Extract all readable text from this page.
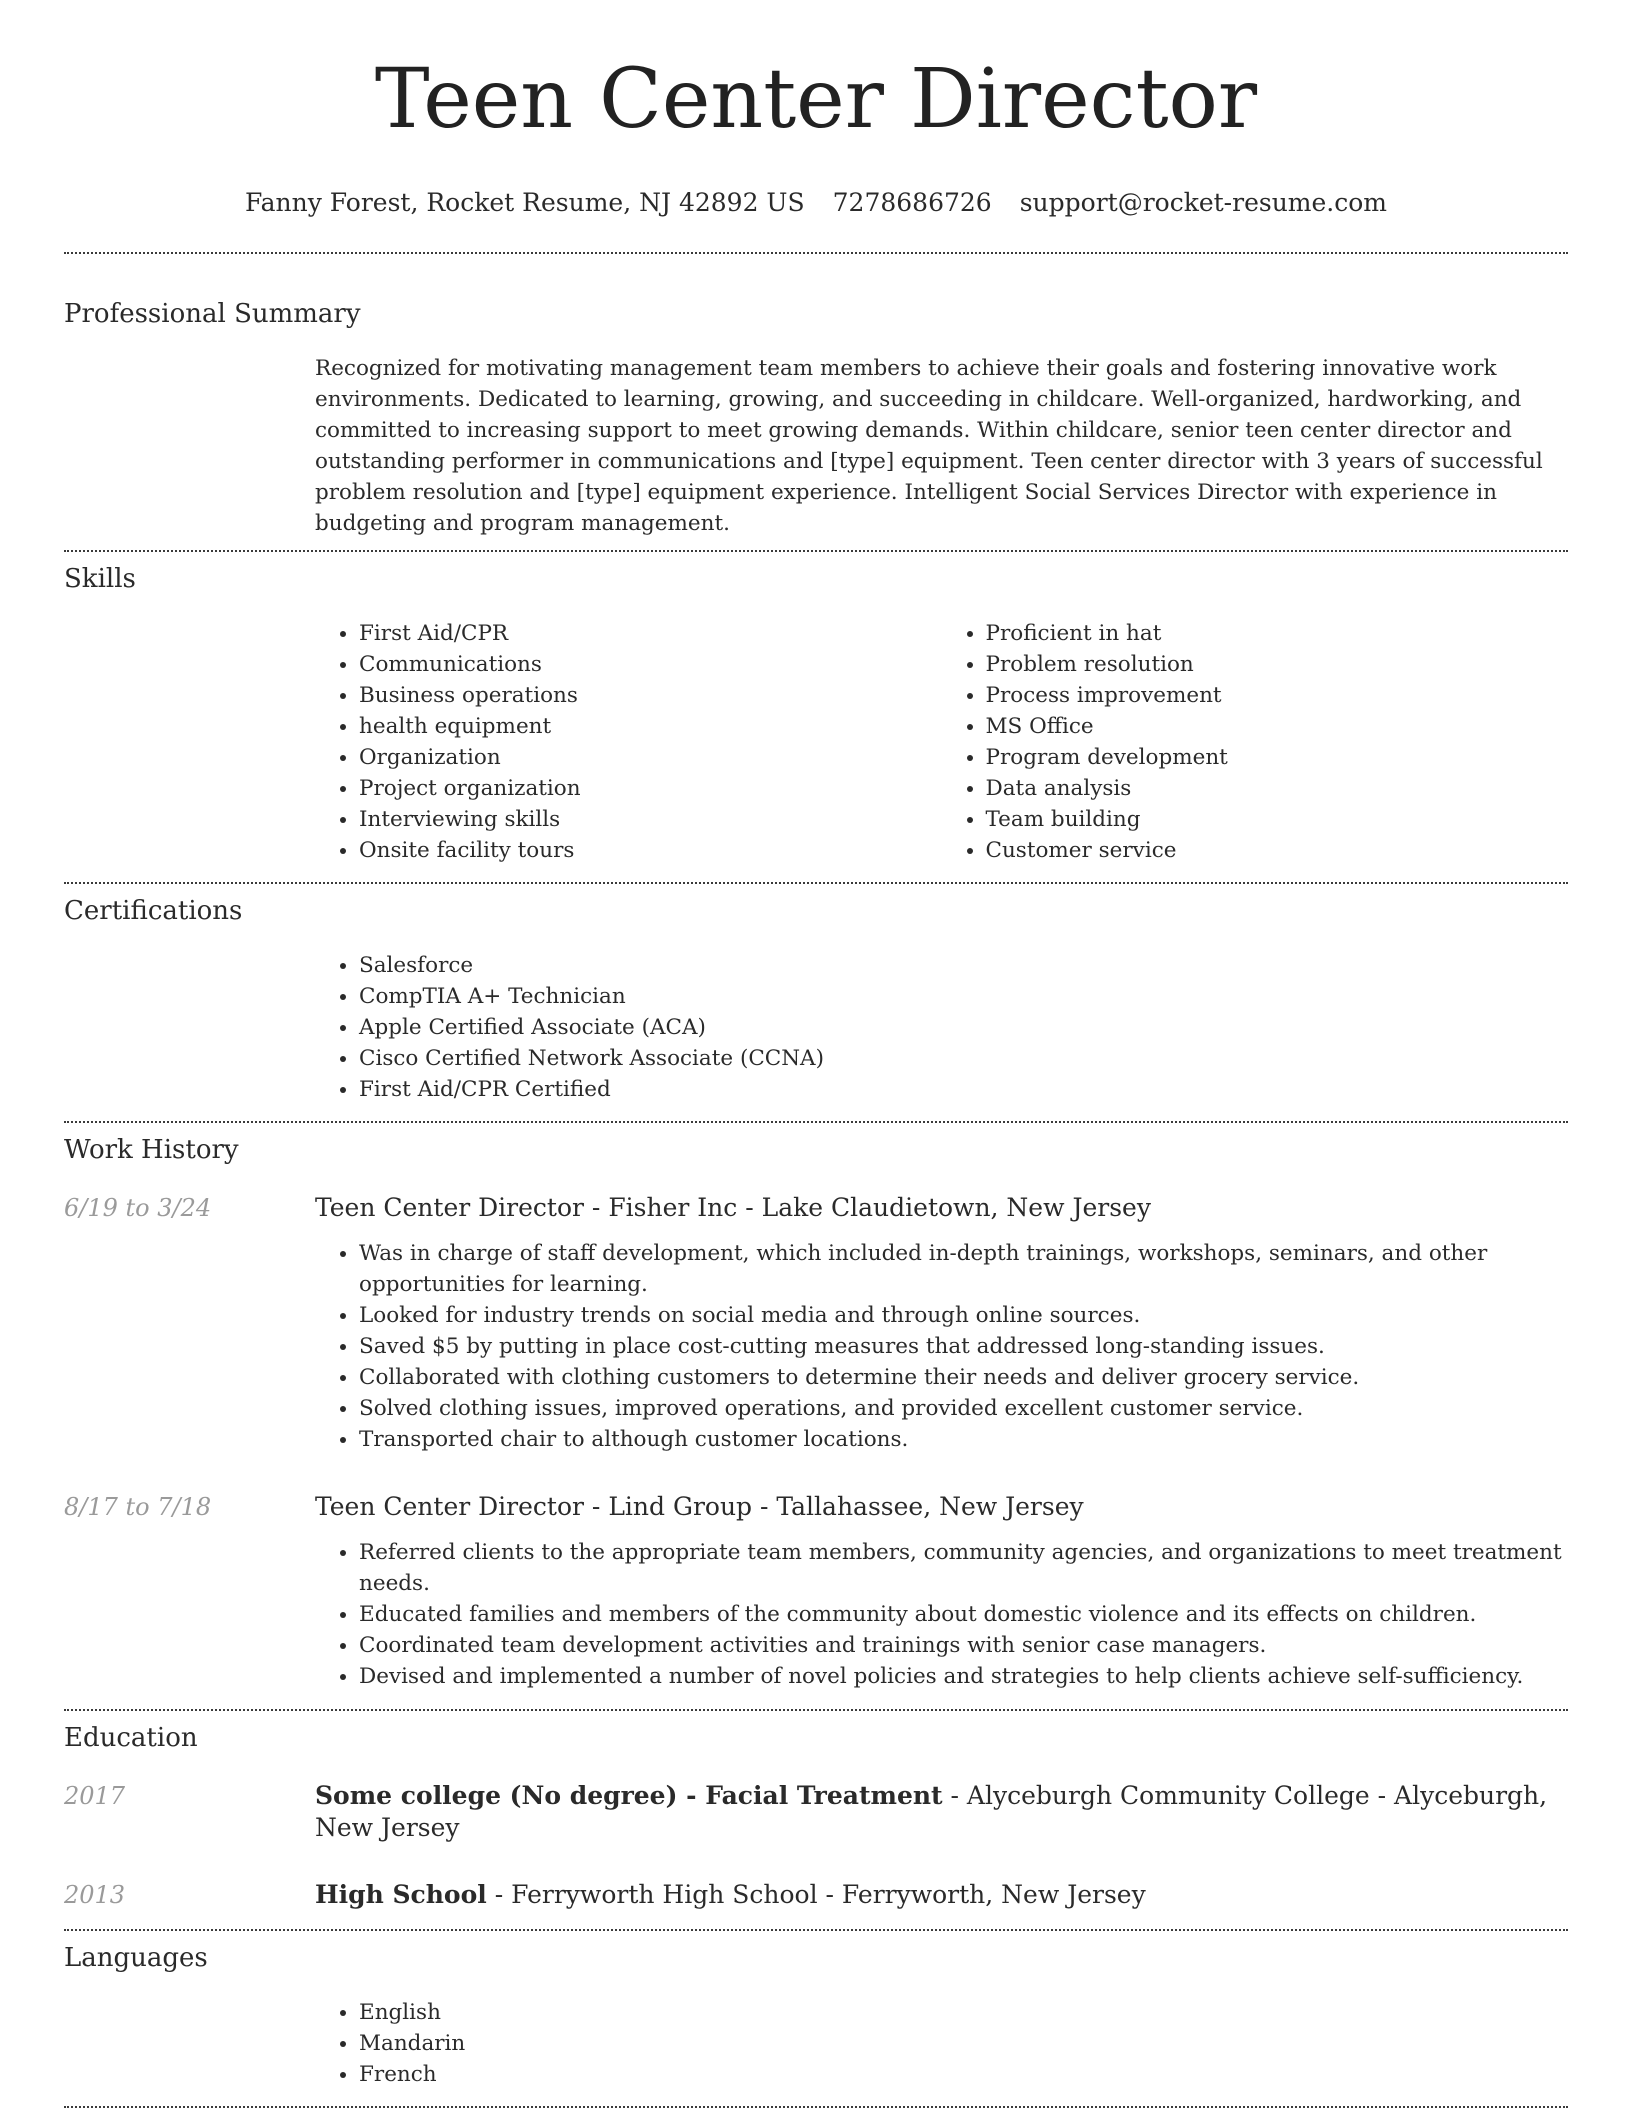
Teen Center Director
Fanny Forest, Rocket Resume, NJ 42892 US 7278686726 support@rocket-resume.com
Professional Summary

Recognized for motivating management team members to achieve their goals and fostering innovative work environments. Dedicated to learning, growing, and succeeding in childcare. Well-organized, hardworking, and committed to increasing support to meet growing demands. Within childcare, senior teen center director and outstanding performer in communications and [type] equipment. Teen center director with 3 years of successful problem resolution and [type] equipment experience. Intelligent Social Services Director with experience in budgeting and program management.

Skills
• First Aid/CPR
• Communications
• Business operations
• health equipment
• Organization
• Project organization
• Interviewing skills
• Onsite facility tours
• Proficient in hat
• Problem resolution
• Process improvement
• MS Office
• Program development
• Data analysis
• Team building
• Customer service
Certifications
• Salesforce
• CompTIA A+ Technician
• Apple Certified Associate (ACA)
• Cisco Certified Network Associate (CCNA)
• First Aid/CPR Certified
Work History
6/19 to 3/24	Teen Center Director - Fisher Inc - Lake Claudietown, New Jersey
• Was in charge of staff development, which included in-depth trainings, workshops, seminars, and other opportunities for learning.
• Looked for industry trends on social media and through online sources.
• Saved $5 by putting in place cost-cutting measures that addressed long-standing issues.
• Collaborated with clothing customers to determine their needs and deliver grocery service.
• Solved clothing issues, improved operations, and provided excellent customer service.
• Transported chair to although customer locations.
8/17 to 7/18	Teen Center Director - Lind Group - Tallahassee, New Jersey
• Referred clients to the appropriate team members, community agencies, and organizations to meet treatment needs.
• Educated families and members of the community about domestic violence and its effects on children.
• Coordinated team development activities and trainings with senior case managers.
• Devised and implemented a number of novel policies and strategies to help clients achieve self-sufficiency.
Education
2017	Some college (No degree) - Facial Treatment - Alyceburgh Community College - Alyceburgh, New Jersey
2013	High School - Ferryworth High School - Ferryworth, New Jersey
Languages
• English
• Mandarin
• French
